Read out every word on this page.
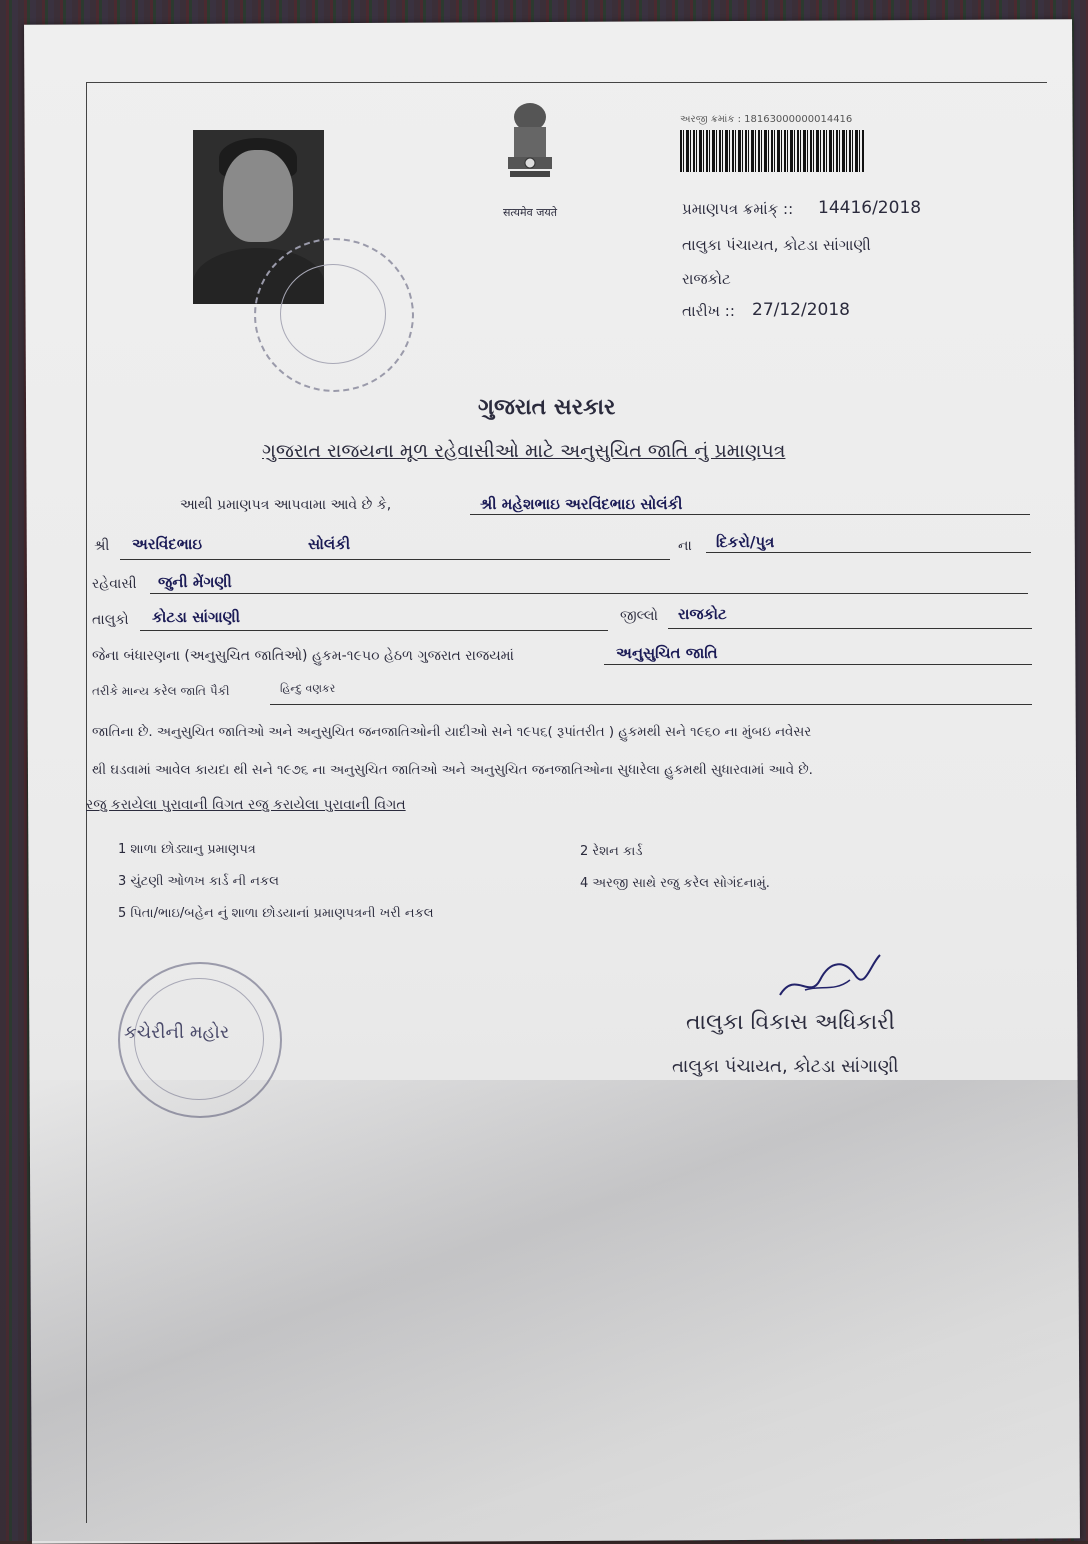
सत्यमेव जयते
અરજી ક્રમાંક : 18163000000014416
પ્રમાણપત્ર ક્રમાંક્ :: 14416/2018
તાલુકા પંચાયત, કોટડા સાંગાણી
રાજકોટ
તારીખ :: 27/12/2018
ગુજરાત સરકાર
ગુજરાત રાજયના મૂળ રહેવાસીઓ માટે અનુસુચિત જાતિ નું પ્રમાણપત્ર
આથી પ્રમાણપત્ર આપવામા આવે છે કે,	શ્રી મહેશભાઇ અરવિંદભાઇ સોલંકી
શ્રી અરવિંદભાઇ	સોલંકી	ના દિકરો/પુત્ર
રહેવાસી જુની મેંગણી
તાલુકો કોટડા સાંગાણી	જીલ્લો રાજકોટ
જેના બંધારણના (અનુસુચિત જાતિઓ) હુકમ-૧૯૫૦ હેઠળ ગુજરાત રાજયમાં	અનુસુચિત જાતિ
તરીકે માન્ય કરેલ જાતિ પૈકી	હિન્દુ વણકર
જાતિના છે. અનુસુચિત જાતિઓ અને અનુસુચિત જનજાતિઓની યાદીઓ સને ૧૯૫૬( રૂપાંતરીત ) હુકમથી સને ૧૯૬૦ ના મુંબઇ નવેસર
થી ઘડવામાં આવેલ કાયદા થી સને ૧૯૭૬ ના અનુસુચિત જાતિઓ અને અનુસુચિત જનજાતિઓના સુધારેલા હુકમથી સુધારવામાં આવે છે.
રજુ કરાયેલા પુરાવાની વિગત રજુ કરાયેલા પુરાવાની વિગત
1 શાળા છોડ્યાનુ પ્રમાણપત્ર	2 રેશન કાર્ડ
3 ચુંટણી ઓળખ કાર્ડ ની નકલ	4 અરજી સાથે રજુ કરેલ સોગંદનામું.
5 પિતા/ભાઇ/બહેન નું શાળા છોડયાનાં પ્રમાણપત્રની ખરી નકલ
કચેરીની મહોર	તાલુકા વિકાસ અધિકારી
તાલુકા પંચાયત, કોટડા સાંગાણી
